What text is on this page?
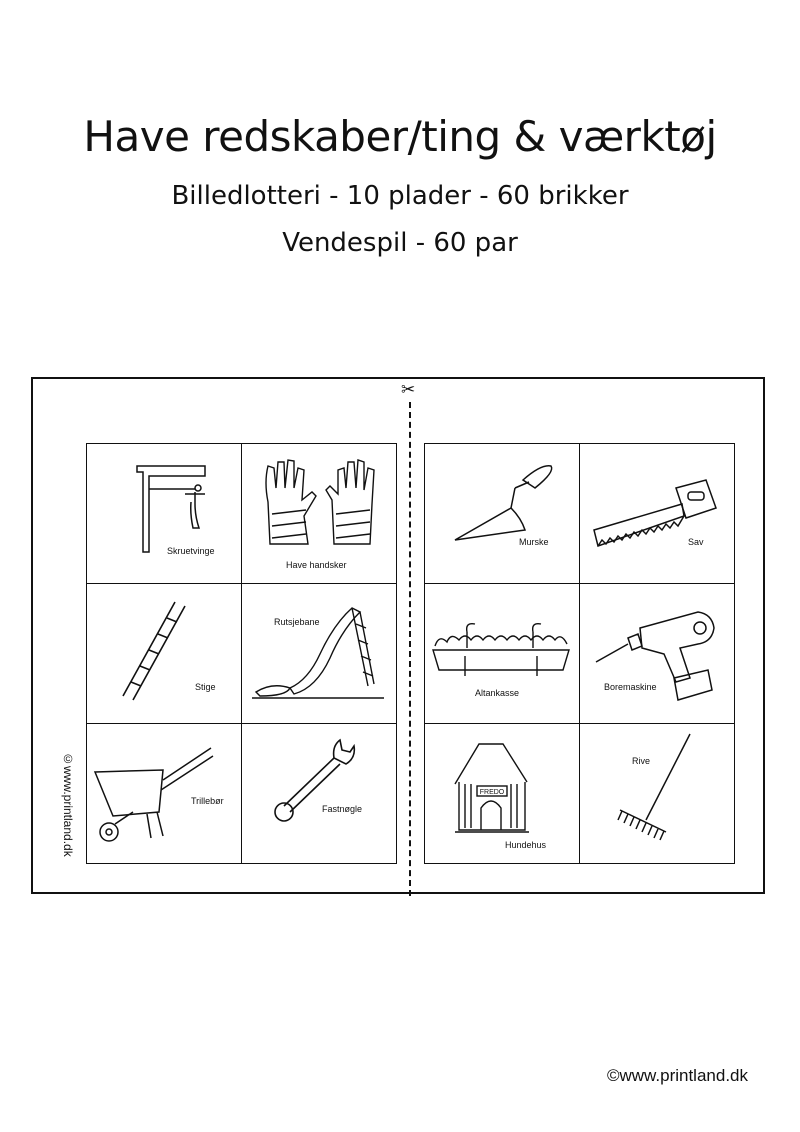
Have redskaber/ting & værktøj
Billedlotteri - 10 plader - 60 brikker
Vendespil - 60 par
✂
©www.printland.dk
Skruetvinge
Have handsker
Stige
Rutsjebane
Trillebør
Fastnøgle
Murske	Sav
Altankasse
Boremaskine
FREDO
Hundehus
Rive
©www.printland.dk
